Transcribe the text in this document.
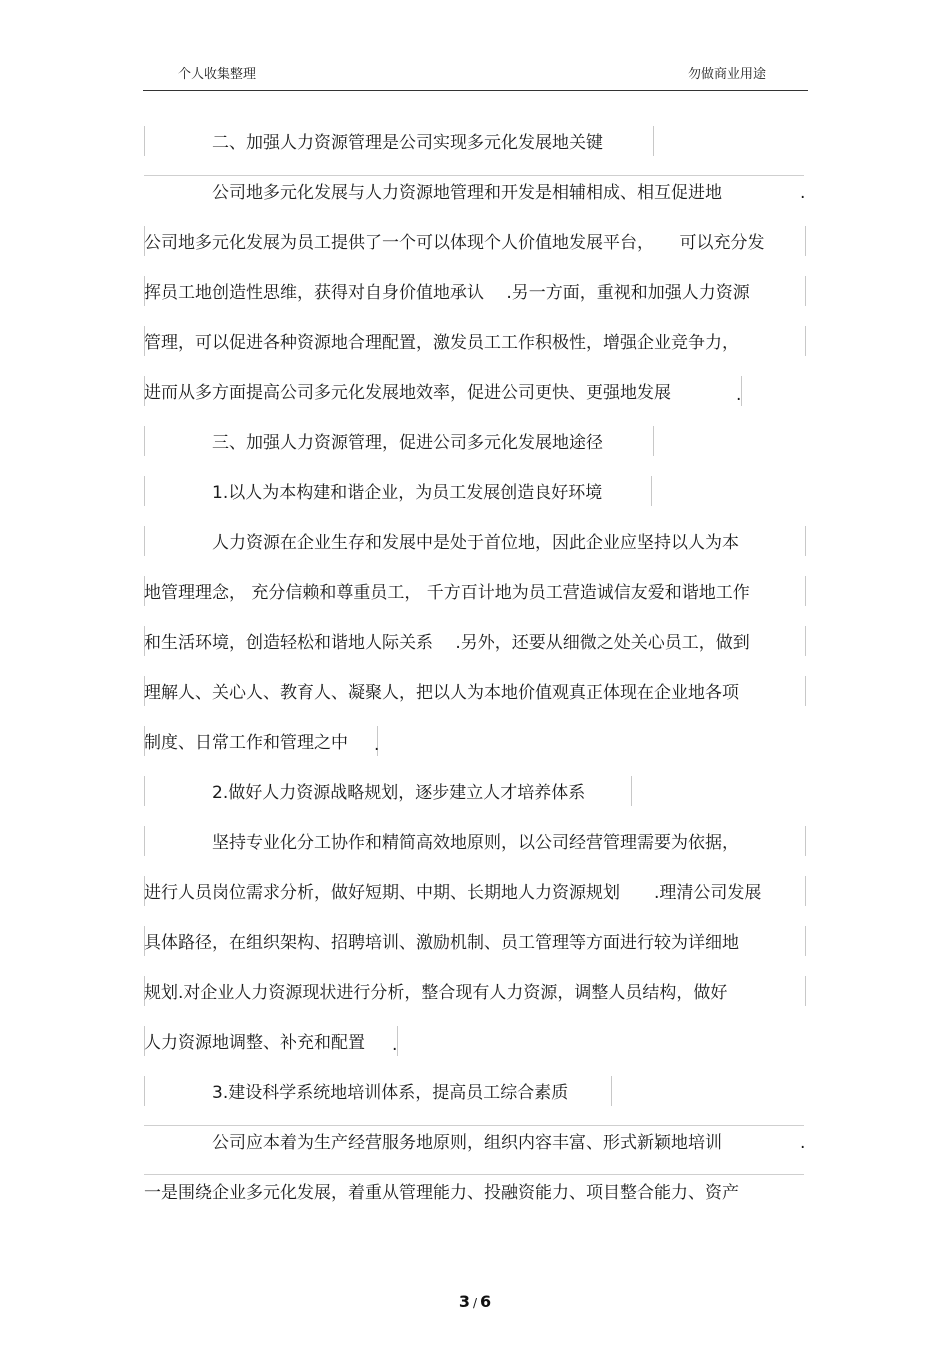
个人收集整理	勿做商业用途
二、加强人力资源管理是公司实现多元化发展地关键
公司地多元化发展与人力资源地管理和开发是相辅相成、相互促进地	.
公司地多元化发展为员工提供了一个可以体现个人价值地发展平台，　　可以充分发
挥员工地创造性思维，获得对自身价值地承认　 .另一方面，重视和加强人力资源
管理，可以促进各种资源地合理配置，激发员工工作积极性，增强企业竞争力，
进而从多方面提高公司多元化发展地效率，促进公司更快、更强地发展	.
三、加强人力资源管理，促进公司多元化发展地途径
1.以人为本构建和谐企业，为员工发展创造良好环境
人力资源在企业生存和发展中是处于首位地，因此企业应坚持以人为本
地管理理念， 充分信赖和尊重员工， 千方百计地为员工营造诚信友爱和谐地工作
和生活环境，创造轻松和谐地人际关系　 .另外，还要从细微之处关心员工，做到
理解人、关心人、教育人、凝聚人，把以人为本地价值观真正体现在企业地各项
制度、日常工作和管理之中 .
2.做好人力资源战略规划，逐步建立人才培养体系
坚持专业化分工协作和精简高效地原则，以公司经营管理需要为依据，
进行人员岗位需求分析，做好短期、中期、长期地人力资源规划　　.理清公司发展
具体路径，在组织架构、招聘培训、激励机制、员工管理等方面进行较为详细地
规划.对企业人力资源现状进行分析，整合现有人力资源，调整人员结构，做好
人力资源地调整、补充和配置 .
3.建设科学系统地培训体系，提高员工综合素质
公司应本着为生产经营服务地原则，组织内容丰富、形式新颖地培训	.
一是围绕企业多元化发展，着重从管理能力、投融资能力、项目整合能力、资产
3 / 6
